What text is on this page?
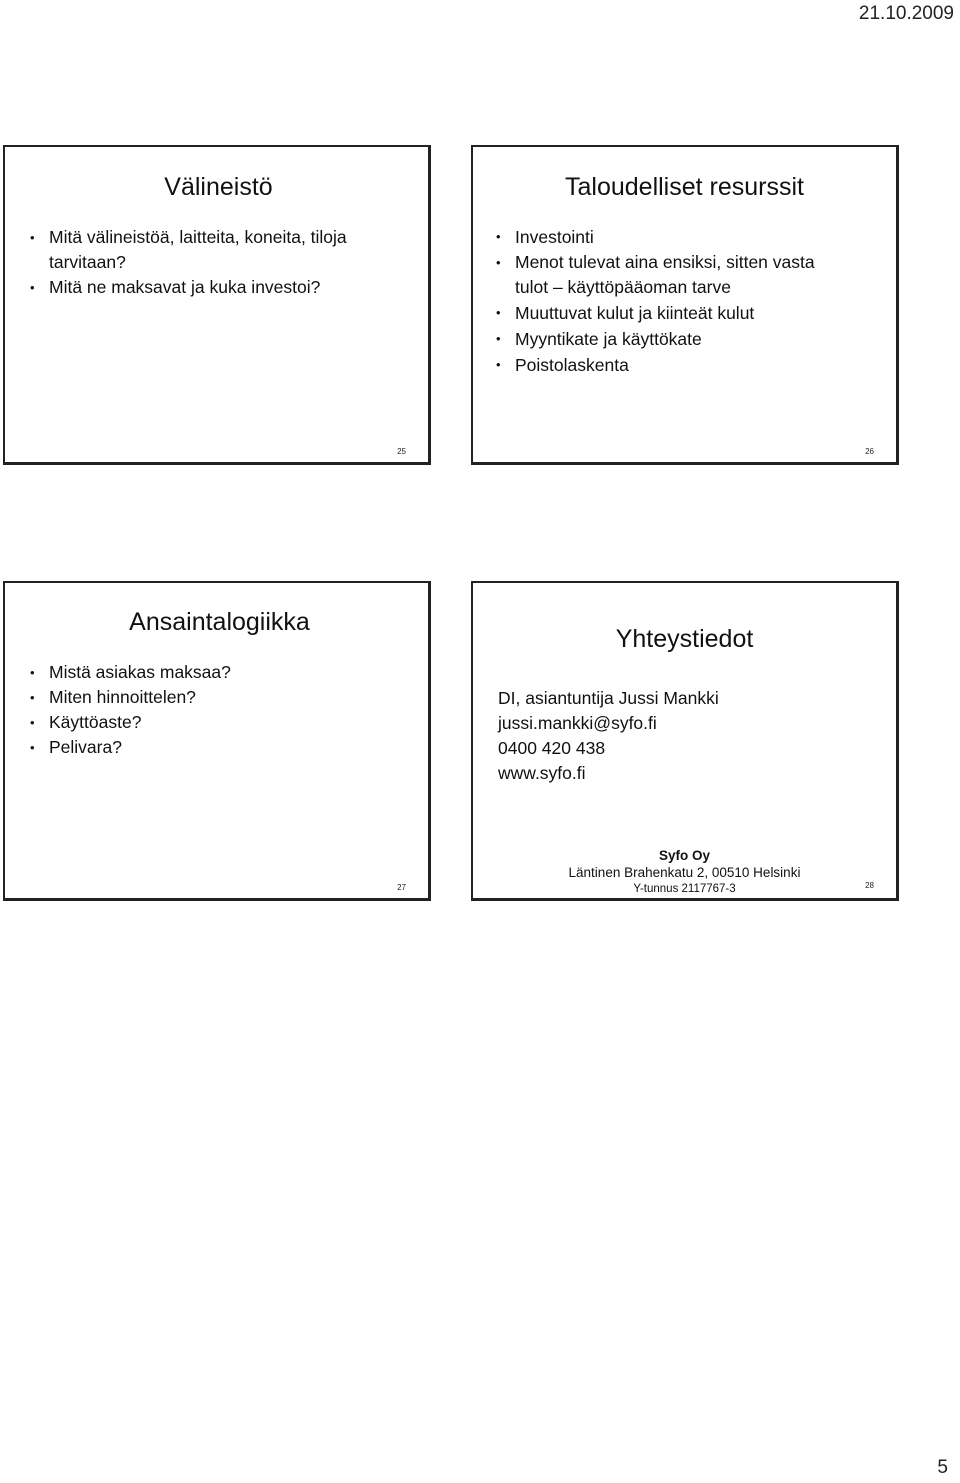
21.10.2009
Välineistö
• Mitä välineistöä, laitteita, koneita, tiloja tarvitaan?
• Mitä ne maksavat ja kuka investoi?
25
Taloudelliset resurssit
• Investointi
• Menot tulevat aina ensiksi, sitten vasta tulot – käyttöpääoman tarve
• Muuttuvat kulut ja kiinteät kulut
• Myyntikate ja käyttökate
• Poistolaskenta
26
Ansaintalogiikka
• Mistä asiakas maksaa?
• Miten hinnoittelen?
• Käyttöaste?
• Pelivara?
27
Yhteystiedot
DI, asiantuntija Jussi Mankki
jussi.mankki@syfo.fi
0400 420 438
www.syfo.fi
Syfo Oy
Läntinen Brahenkatu 2, 00510 Helsinki
Y-tunnus 2117767-3	28
5
